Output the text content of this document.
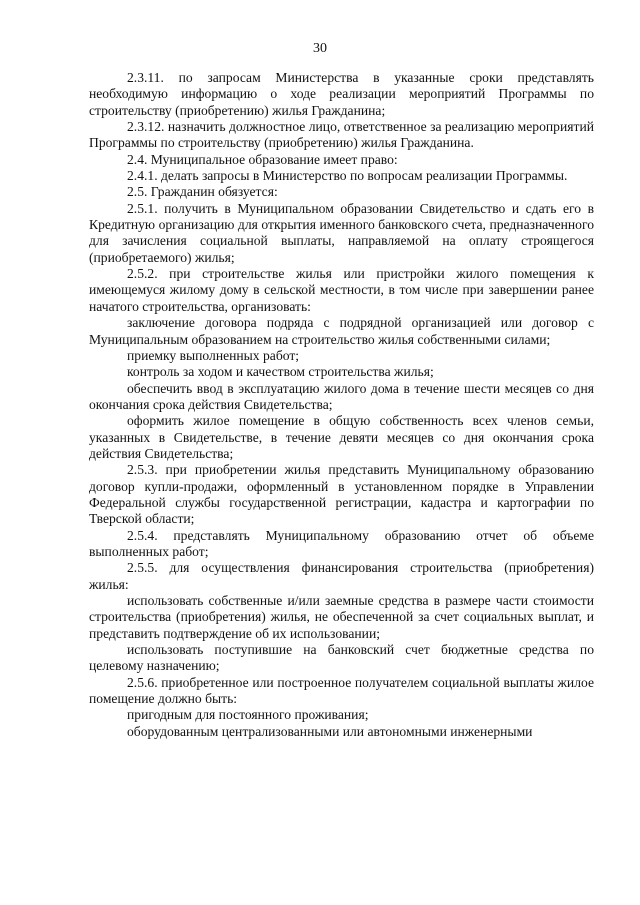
30

2.3.11. по запросам Министерства в указанные сроки представлять необходимую информацию о ходе реализации мероприятий Программы по строительству (приобретению) жилья Гражданина;

2.3.12. назначить должностное лицо, ответственное за реализацию мероприятий Программы по строительству (приобретению) жилья Гражданина.

2.4. Муниципальное образование имеет право:

2.4.1. делать запросы в Министерство по вопросам реализации Программы.

2.5. Гражданин обязуется:

2.5.1. получить в Муниципальном образовании Свидетельство и сдать его в Кредитную организацию для открытия именного банковского счета, предназначенного для зачисления социальной выплаты, направляемой на оплату строящегося (приобретаемого) жилья;

2.5.2. при строительстве жилья или пристройки жилого помещения к имеющемуся жилому дому в сельской местности, в том числе при завершении ранее начатого строительства, организовать:

заключение договора подряда с подрядной организацией или договор с Муниципальным образованием на строительство жилья собственными силами;

приемку выполненных работ;

контроль за ходом и качеством строительства жилья;

обеспечить ввод в эксплуатацию жилого дома в течение шести месяцев со дня окончания срока действия Свидетельства;

оформить жилое помещение в общую собственность всех членов семьи, указанных в Свидетельстве, в течение девяти месяцев со дня окончания срока действия Свидетельства;

2.5.3. при приобретении жилья представить Муниципальному образованию договор купли-продажи, оформленный в установленном порядке в Управлении Федеральной службы государственной регистрации, кадастра и картографии по Тверской области;

2.5.4. представлять Муниципальному образованию отчет об объеме выполненных работ;

2.5.5. для осуществления финансирования строительства (приобретения) жилья:

использовать собственные и/или заемные средства в размере части стоимости строительства (приобретения) жилья, не обеспеченной за счет социальных выплат, и представить подтверждение об их использовании;

использовать поступившие на банковский счет бюджетные средства по целевому назначению;

2.5.6. приобретенное или построенное получателем социальной выплаты жилое помещение должно быть:

пригодным для постоянного проживания;

оборудованным централизованными или автономными инженерными
